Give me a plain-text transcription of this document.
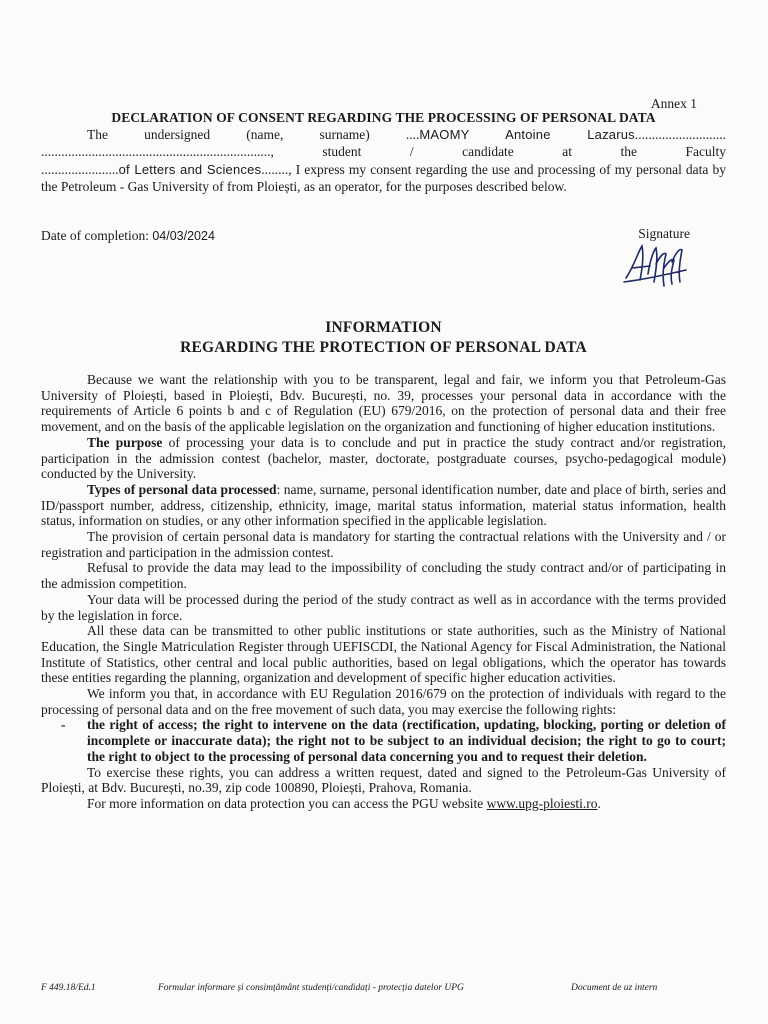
Annex 1
DECLARATION OF CONSENT REGARDING THE PROCESSING OF PERSONAL DATA

The undersigned (name, surname) ....MAOMY Antoine Lazarus...........................

...................................................................., student / candidate at the Faculty

.......................of Letters and Sciences........, I express my consent regarding the use and processing of my personal data by the Petroleum - Gas University of from Ploiești, as an operator, for the purposes described below.

Date of completion: 04/03/2024	Signature
INFORMATION
REGARDING THE PROTECTION OF PERSONAL DATA

Because we want the relationship with you to be transparent, legal and fair, we inform you that Petroleum-Gas University of Ploiești, based in Ploiești, Bdv. București, no. 39, processes your personal data in accordance with the requirements of Article 6 points b and c of Regulation (EU) 679/2016, on the protection of personal data and their free movement, and on the basis of the applicable legislation on the organization and functioning of higher education institutions.

The purpose of processing your data is to conclude and put in practice the study contract and/or registration, participation in the admission contest (bachelor, master, doctorate, postgraduate courses, psycho-pedagogical module) conducted by the University.

Types of personal data processed: name, surname, personal identification number, date and place of birth, series and ID/passport number, address, citizenship, ethnicity, image, marital status information, material status information, health status, information on studies, or any other information specified in the applicable legislation.

The provision of certain personal data is mandatory for starting the contractual relations with the University and / or registration and participation in the admission contest.

Refusal to provide the data may lead to the impossibility of concluding the study contract and/or of participating in the admission competition.

Your data will be processed during the period of the study contract as well as in accordance with the terms provided by the legislation in force.

All these data can be transmitted to other public institutions or state authorities, such as the Ministry of National Education, the Single Matriculation Register through UEFISCDI, the National Agency for Fiscal Administration, the National Institute of Statistics, other central and local public authorities, based on legal obligations, which the operator has towards these entities regarding the planning, organization and development of specific higher education activities.

We inform you that, in accordance with EU Regulation 2016/679 on the protection of individuals with regard to the processing of personal data and on the free movement of such data, you may exercise the following rights:

-	the right of access; the right to intervene on the data (rectification, updating, blocking, porting or deletion of incomplete or inaccurate data); the right not to be subject to an individual decision; the right to go to court; the right to object to the processing of personal data concerning you and to request their deletion.

To exercise these rights, you can address a written request, dated and signed to the Petroleum-Gas University of Ploiești, at Bdv. București, no.39, zip code 100890, Ploiești, Prahova, Romania.

For more information on data protection you can access the PGU website www.upg-ploiesti.ro.

F 449.18/Ed.1	Formular informare și consimțământ studenți/candidați - protecția datelor UPG	Document de uz intern
